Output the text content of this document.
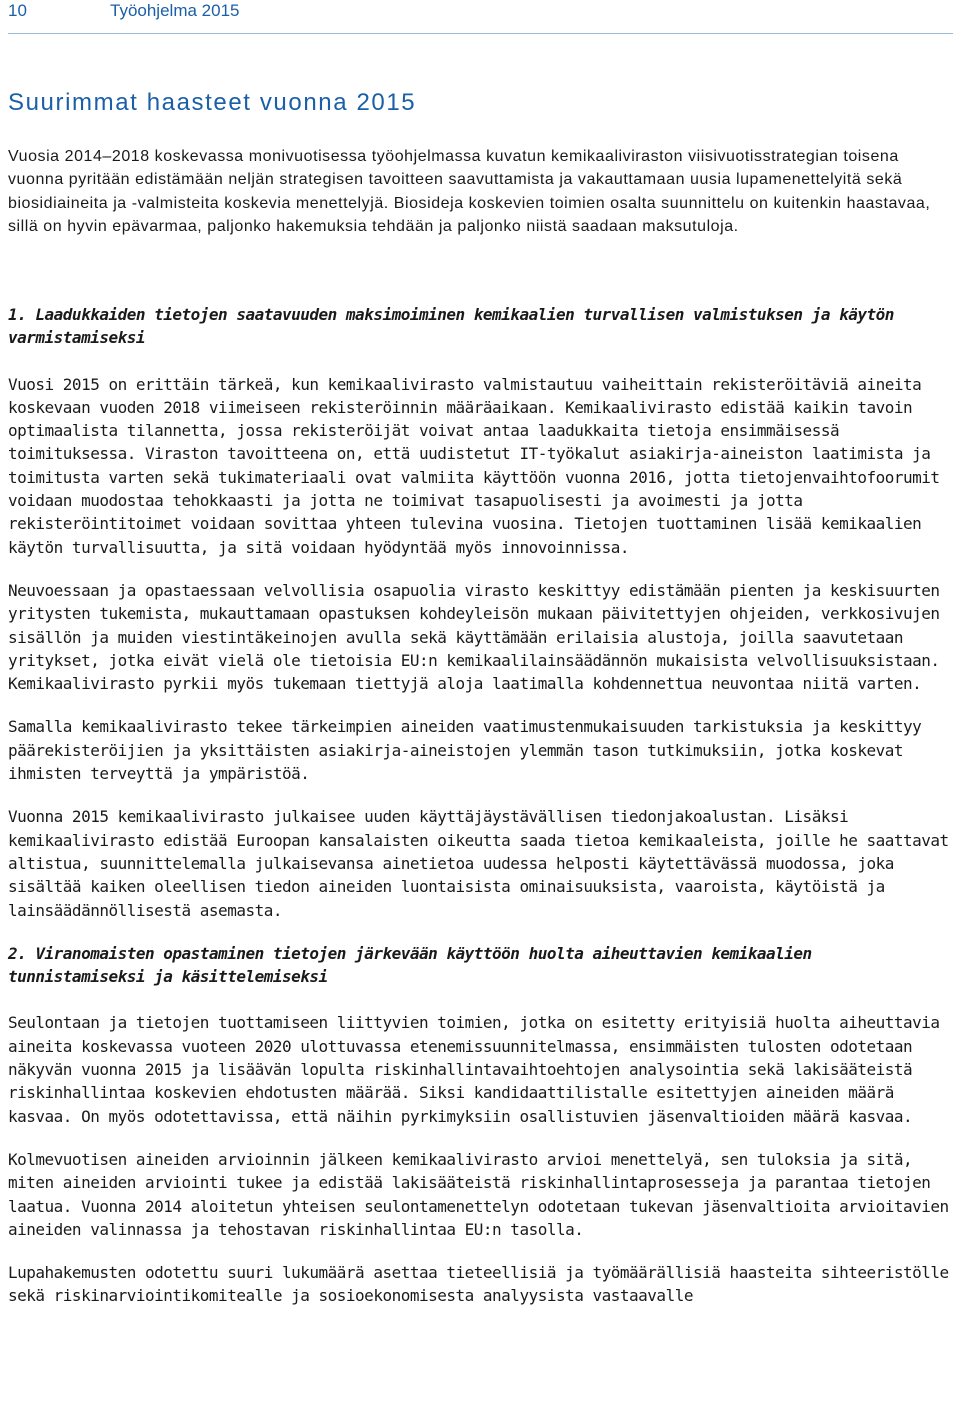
10	Työohjelma 2015
Suurimmat haasteet vuonna 2015

Vuosia 2014–2018 koskevassa monivuotisessa työohjelmassa kuvatun kemikaaliviraston viisivuotisstrategian toisena vuonna pyritään edistämään neljän strategisen tavoitteen saavuttamista ja vakauttamaan uusia lupamenettelyitä sekä biosidiaineita ja -valmisteita koskevia menettelyjä. Biosideja koskevien toimien osalta suunnittelu on kuitenkin haastavaa, sillä on hyvin epävarmaa, paljonko hakemuksia tehdään ja paljonko niistä saadaan maksutuloja.

1. Laadukkaiden tietojen saatavuuden maksimoiminen kemikaalien turvallisen valmistuksen ja käytön varmistamiseksi

Vuosi 2015 on erittäin tärkeä, kun kemikaalivirasto valmistautuu vaiheittain rekisteröitäviä aineita koskevaan vuoden 2018 viimeiseen rekisteröinnin määräaikaan. Kemikaalivirasto edistää kaikin tavoin optimaalista tilannetta, jossa rekisteröijät voivat antaa laadukkaita tietoja ensimmäisessä toimituksessa. Viraston tavoitteena on, että uudistetut IT-työkalut asiakirja-aineiston laatimista ja toimitusta varten sekä tukimateriaali ovat valmiita käyttöön vuonna 2016, jotta tietojenvaihtofoorumit voidaan muodostaa tehokkaasti ja jotta ne toimivat tasapuolisesti ja avoimesti ja jotta rekisteröintitoimet voidaan sovittaa yhteen tulevina vuosina. Tietojen tuottaminen lisää kemikaalien käytön turvallisuutta, ja sitä voidaan hyödyntää myös innovoinnissa.

Neuvoessaan ja opastaessaan velvollisia osapuolia virasto keskittyy edistämään pienten ja keskisuurten yritysten tukemista, mukauttamaan opastuksen kohdeyleisön mukaan päivitettyjen ohjeiden, verkkosivujen sisällön ja muiden viestintäkeinojen avulla sekä käyttämään erilaisia alustoja, joilla saavutetaan yritykset, jotka eivät vielä ole tietoisia EU:n kemikaalilainsäädännön mukaisista velvollisuuksistaan. Kemikaalivirasto pyrkii myös tukemaan tiettyjä aloja laatimalla kohdennettua neuvontaa niitä varten.

Samalla kemikaalivirasto tekee tärkeimpien aineiden vaatimustenmukaisuuden tarkistuksia ja keskittyy päärekisteröijien ja yksittäisten asiakirja-aineistojen ylemmän tason tutkimuksiin, jotka koskevat ihmisten terveyttä ja ympäristöä.

Vuonna 2015 kemikaalivirasto julkaisee uuden käyttäjäystävällisen tiedonjakoalustan. Lisäksi kemikaalivirasto edistää Euroopan kansalaisten oikeutta saada tietoa kemikaaleista, joille he saattavat altistua, suunnittelemalla julkaisevansa ainetietoa uudessa helposti käytettävässä muodossa, joka sisältää kaiken oleellisen tiedon aineiden luontaisista ominaisuuksista, vaaroista, käytöistä ja lainsäädännöllisestä asemasta.

2. Viranomaisten opastaminen tietojen järkevään käyttöön huolta aiheuttavien kemikaalien tunnistamiseksi ja käsittelemiseksi

Seulontaan ja tietojen tuottamiseen liittyvien toimien, jotka on esitetty erityisiä huolta aiheuttavia aineita koskevassa vuoteen 2020 ulottuvassa etenemissuunnitelmassa, ensimmäisten tulosten odotetaan näkyvän vuonna 2015 ja lisäävän lopulta riskinhallintavaihtoehtojen analysointia sekä lakisääteistä riskinhallintaa koskevien ehdotusten määrää. Siksi kandidaattilistalle esitettyjen aineiden määrä kasvaa. On myös odotettavissa, että näihin pyrkimyksiin osallistuvien jäsenvaltioiden määrä kasvaa.

Kolmevuotisen aineiden arvioinnin jälkeen kemikaalivirasto arvioi menettelyä, sen tuloksia ja sitä, miten aineiden arviointi tukee ja edistää lakisääteistä riskinhallintaprosesseja ja parantaa tietojen laatua. Vuonna 2014 aloitetun yhteisen seulontamenettelyn odotetaan tukevan jäsenvaltioita arvioitavien aineiden valinnassa ja tehostavan riskinhallintaa EU:n tasolla.

Lupahakemusten odotettu suuri lukumäärä asettaa tieteellisiä ja työmäärällisiä haasteita sihteeristölle sekä riskinarviointikomitealle ja sosioekonomisesta analyysista vastaavalle
